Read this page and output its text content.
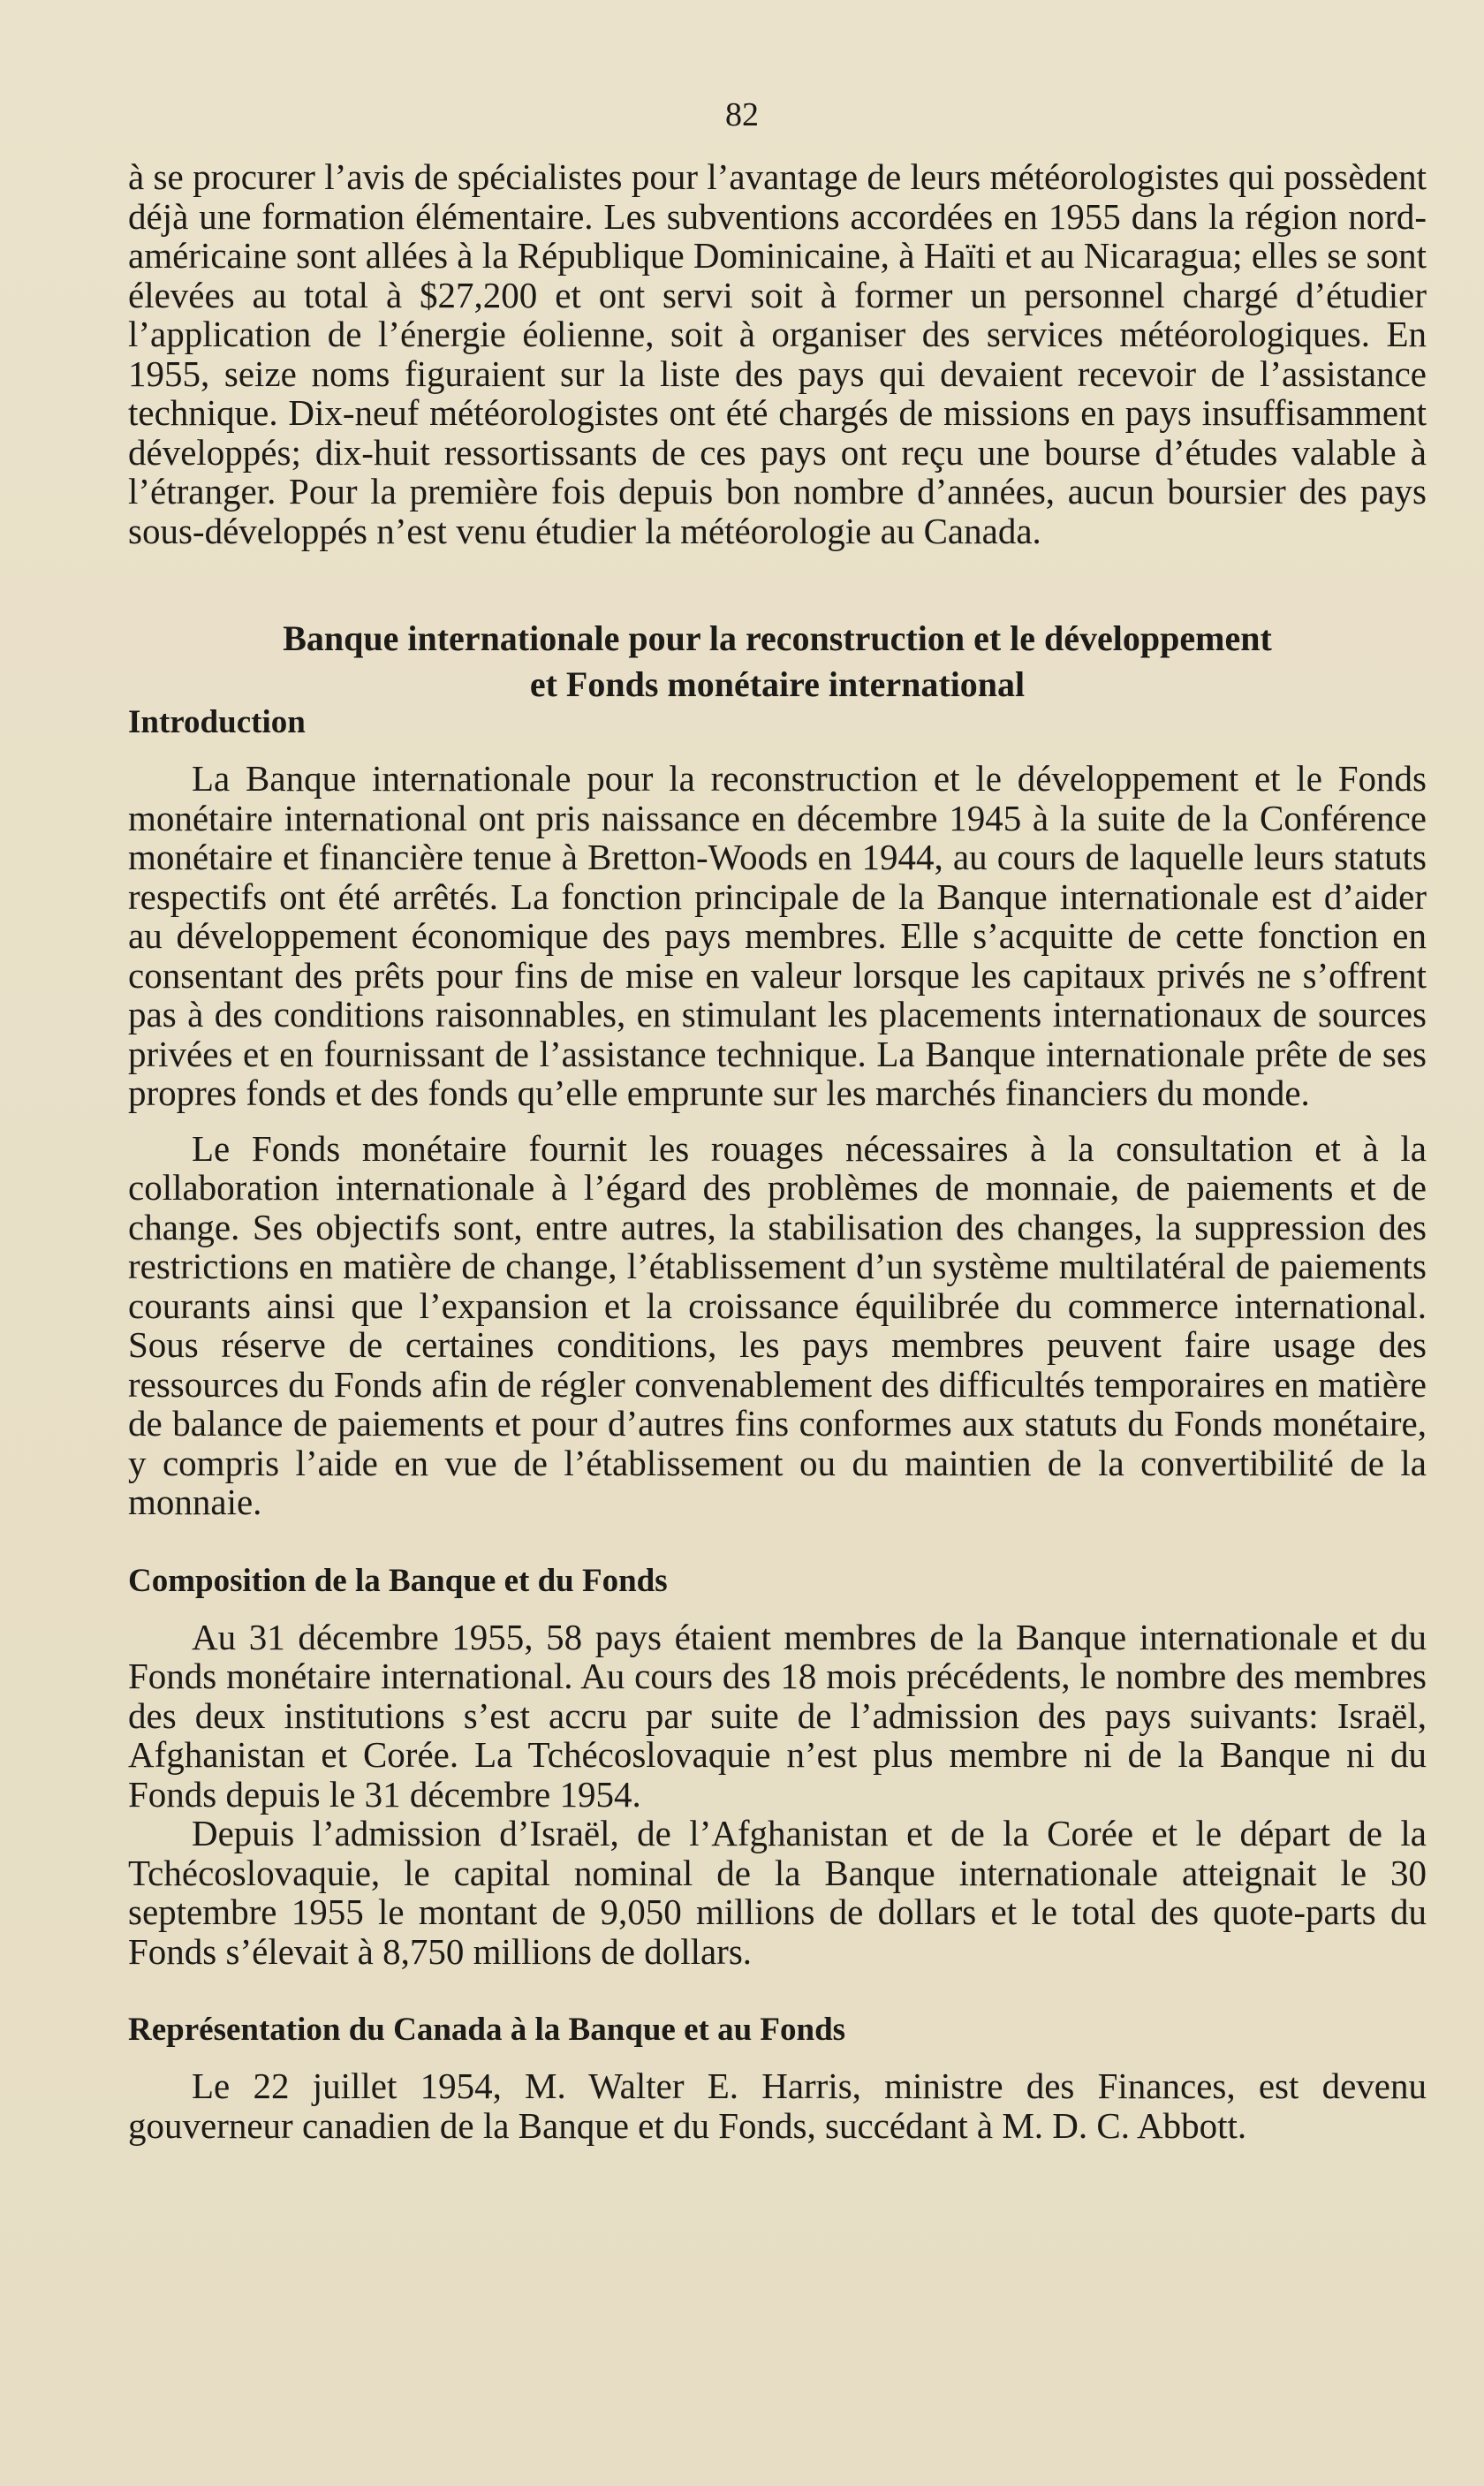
82

à se procurer l’avis de spécialistes pour l’avantage de leurs météorologistes qui possèdent déjà une formation élémentaire. Les subventions accordées en 1955 dans la région nord-américaine sont allées à la République Dominicaine, à Haïti et au Nicaragua; elles se sont élevées au total à $27,200 et ont servi soit à former un personnel chargé d’étudier l’application de l’énergie éolienne, soit à organiser des services météorologiques. En 1955, seize noms figuraient sur la liste des pays qui devaient recevoir de l’assistance technique. Dix-neuf météorologistes ont été chargés de missions en pays insuffisamment développés; dix-huit ressortissants de ces pays ont reçu une bourse d’études valable à l’étranger. Pour la première fois depuis bon nombre d’années, aucun boursier des pays sous-développés n’est venu étudier la météorologie au Canada.

Banque internationale pour la reconstruction et le développement
et Fonds monétaire international
Introduction

La Banque internationale pour la reconstruction et le développement et le Fonds monétaire international ont pris naissance en décembre 1945 à la suite de la Conférence monétaire et financière tenue à Bretton-Woods en 1944, au cours de laquelle leurs statuts respectifs ont été arrêtés. La fonction principale de la Banque internationale est d’aider au développement économique des pays membres. Elle s’acquitte de cette fonction en consentant des prêts pour fins de mise en valeur lorsque les capitaux privés ne s’offrent pas à des conditions raisonnables, en stimulant les placements internationaux de sources privées et en fournissant de l’assistance technique. La Banque internationale prête de ses propres fonds et des fonds qu’elle emprunte sur les marchés financiers du monde.

Le Fonds monétaire fournit les rouages nécessaires à la consultation et à la collaboration internationale à l’égard des problèmes de monnaie, de paiements et de change. Ses objectifs sont, entre autres, la stabilisation des changes, la suppression des restrictions en matière de change, l’établissement d’un système multilatéral de paiements courants ainsi que l’expansion et la croissance équilibrée du commerce international. Sous réserve de certaines conditions, les pays membres peuvent faire usage des ressources du Fonds afin de régler convenablement des difficultés temporaires en matière de balance de paiements et pour d’autres fins conformes aux statuts du Fonds monétaire, y compris l’aide en vue de l’établissement ou du maintien de la convertibilité de la monnaie.

Composition de la Banque et du Fonds

Au 31 décembre 1955, 58 pays étaient membres de la Banque internationale et du Fonds monétaire international. Au cours des 18 mois précédents, le nombre des membres des deux institutions s’est accru par suite de l’admission des pays suivants: Israël, Afghanistan et Corée. La Tchécoslovaquie n’est plus membre ni de la Banque ni du Fonds depuis le 31 décembre 1954.

Depuis l’admission d’Israël, de l’Afghanistan et de la Corée et le départ de la Tchécoslovaquie, le capital nominal de la Banque internationale atteignait le 30 septembre 1955 le montant de 9,050 millions de dollars et le total des quote-parts du Fonds s’élevait à 8,750 millions de dollars.

Représentation du Canada à la Banque et au Fonds

Le 22 juillet 1954, M. Walter E. Harris, ministre des Finances, est devenu gouverneur canadien de la Banque et du Fonds, succédant à M. D. C. Abbott.
